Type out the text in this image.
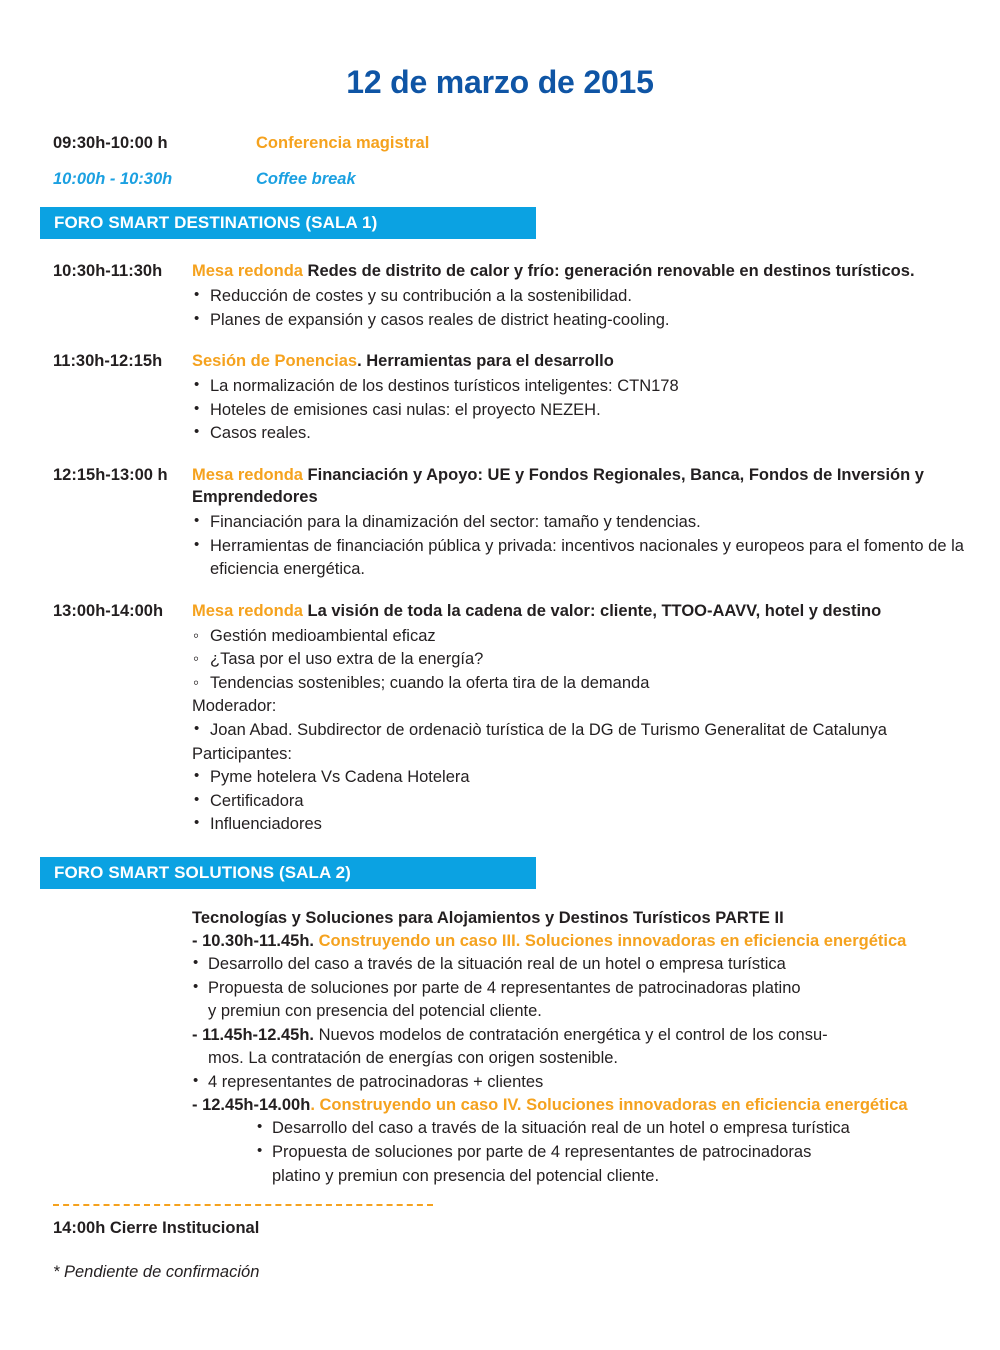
12 de marzo de 2015
09:30h-10:00 h	Conferencia magistral
10:00h - 10:30h	Coffee break
FORO SMART DESTINATIONS (SALA 1)
10:30h-11:30h	Mesa redonda Redes de distrito de calor y frío: generación renovable en destinos turísticos.
• Reducción de costes y su contribución a la sostenibilidad.
• Planes de expansión y casos reales de district heating-cooling.
11:30h-12:15h	Sesión de Ponencias. Herramientas para el desarrollo
• La normalización de los destinos turísticos inteligentes: CTN178
• Hoteles de emisiones casi nulas: el proyecto NEZEH.
• Casos reales.
12:15h-13:00 h	Mesa redonda Financiación y Apoyo: UE y Fondos Regionales, Banca, Fondos de Inversión y Emprendedores
• Financiación para la dinamización del sector: tamaño y tendencias.
• Herramientas de financiación pública y privada: incentivos nacionales y europeos para el fomento de la eficiencia energética.
13:00h-14:00h	Mesa redonda La visión de toda la cadena de valor: cliente, TTOO-AAVV, hotel y destino
◦ Gestión medioambiental eficaz
◦ ¿Tasa por el uso extra de la energía?
◦ Tendencias sostenibles; cuando la oferta tira de la demanda
Moderador:
• Joan Abad. Subdirector de ordenaciò turística de la DG de Turismo Generalitat de Catalunya
Participantes:
• Pyme hotelera Vs Cadena Hotelera
• Certificadora
• Influenciadores
FORO SMART SOLUTIONS (SALA 2)
Tecnologías y Soluciones para Alojamientos y Destinos Turísticos PARTE II
- 10.30h-11.45h. Construyendo un caso III. Soluciones innovadoras en eficiencia energética
• Desarrollo del caso a través de la situación real de un hotel o empresa turística
• Propuesta de soluciones por parte de 4 representantes de patrocinadoras platino
y premiun con presencia del potencial cliente.
- 11.45h-12.45h. Nuevos modelos de contratación energética y el control de los consu-
mos. La contratación de energías con origen sostenible.
• 4 representantes de patrocinadoras + clientes
- 12.45h-14.00h. Construyendo un caso IV. Soluciones innovadoras en eficiencia energética
• Desarrollo del caso a través de la situación real de un hotel o empresa turística
• Propuesta de soluciones por parte de 4 representantes de patrocinadoras
platino y premiun con presencia del potencial cliente.
14:00h Cierre Institucional
* Pendiente de confirmación
